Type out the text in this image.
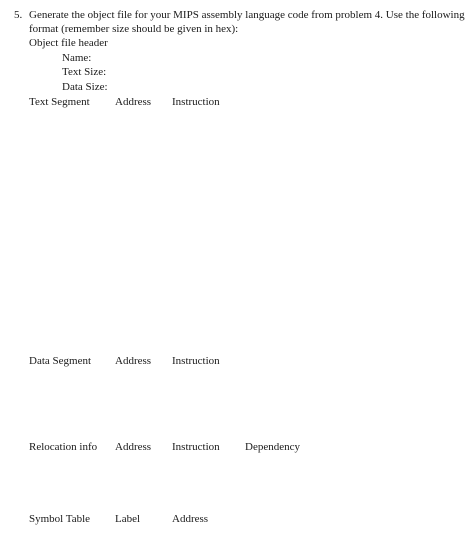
5. Generate the object file for your MIPS assembly language code from problem 4. Use the following
format (remember size should be given in hex):
Object file header
Name:
Text Size:
Data Size:
Text Segment Address Instruction
Data Segment Address Instruction
Relocation info Address Instruction Dependency
Symbol Table Label	Address
